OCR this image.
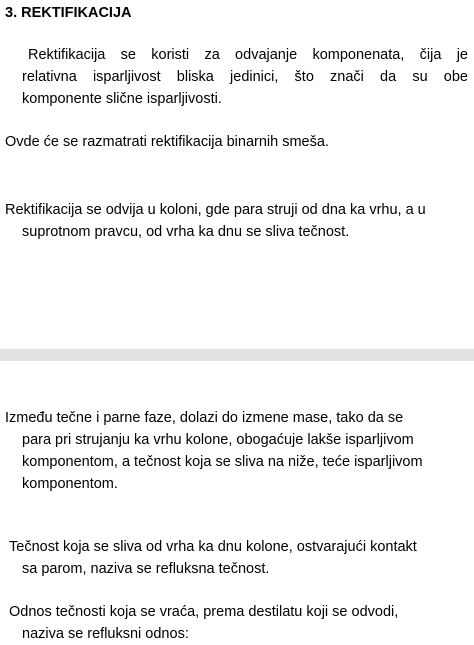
3. REKTIFIKACIJA
Rektifikacija se koristi za odvajanje komponenata, čija je
relativna isparljivost bliska jedinici, što znači da su obe
komponente slične isparljivosti.
Ovde će se razmatrati rektifikacija binarnih smeša.
Rektifikacija se odvija u koloni, gde para struji od dna ka vrhu, a u
suprotnom pravcu, od vrha ka dnu se sliva tečnost.
Između tečne i parne faze, dolazi do izmene mase, tako da se
para pri strujanju ka vrhu kolone, obogaćuje lakše isparljivom
komponentom, a tečnost koja se sliva na niže, teće isparljivom
komponentom.
Tečnost koja se sliva od vrha ka dnu kolone, ostvarajući kontakt
sa parom, naziva se refluksna tečnost.
Odnos tečnosti koja se vraća, prema destilatu koji se odvodi,
naziva se refluksni odnos:
